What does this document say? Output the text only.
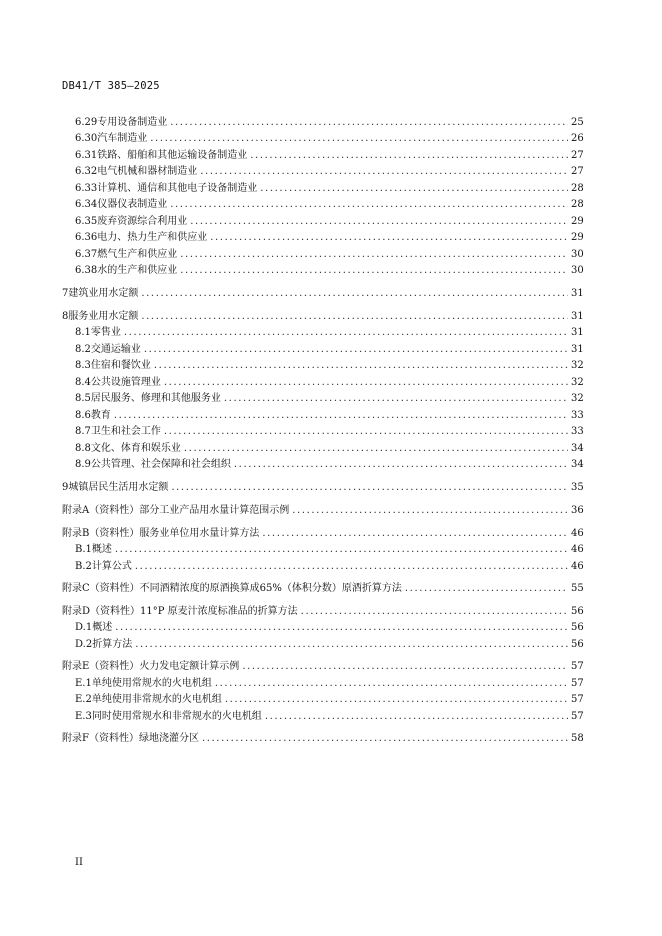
DB41/T 385—2025
6.29 专用设备制造业 .....	25
6.30 汽车制造业 .....	26
6.31 铁路、船舶和其他运输设备制造业 .....	27
6.32 电气机械和器材制造业 .....	27
6.33 计算机、通信和其他电子设备制造业 .....	28
6.34 仪器仪表制造业 .....	28
6.35 废弃资源综合利用业 .....	29
6.36 电力、热力生产和供应业 .....	29
6.37 燃气生产和供应业 .....	30
6.38 水的生产和供应业 .....	30
7 建筑业用水定额 .....	31
8 服务业用水定额 .....	31
8.1 零售业 .....	31
8.2 交通运输业 .....	31
8.3 住宿和餐饮业 .....	32
8.4 公共设施管理业 .....	32
8.5 居民服务、修理和其他服务业 .....	32
8.6 教育 .....	33
8.7 卫生和社会工作 .....	33
8.8 文化、体育和娱乐业 .....	34
8.9 公共管理、社会保障和社会组织 .....	34
9 城镇居民生活用水定额 .....	35
附录A（资料性） 部分工业产品用水量计算范围示例 .....	36
附录B（资料性） 服务业单位用水量计算方法 .....	46
B.1 概述 .....	46
B.2 计算公式 .....	46
附录C（资料性） 不同酒精浓度的原酒换算成65%（体积分数）原酒折算方法 .....	55
附录D（资料性） 11°P 原麦汁浓度标准品的折算方法 .....	56
D.1 概述 .....	56
D.2 折算方法 .....	56
附录E（资料性） 火力发电定额计算示例 .....	57
E.1 单纯使用常规水的火电机组 .....	57
E.2 单纯使用非常规水的火电机组 .....	57
E.3 同时使用常规水和非常规水的火电机组 .....	57
附录F（资料性） 绿地浇灌分区 .....	58
II
